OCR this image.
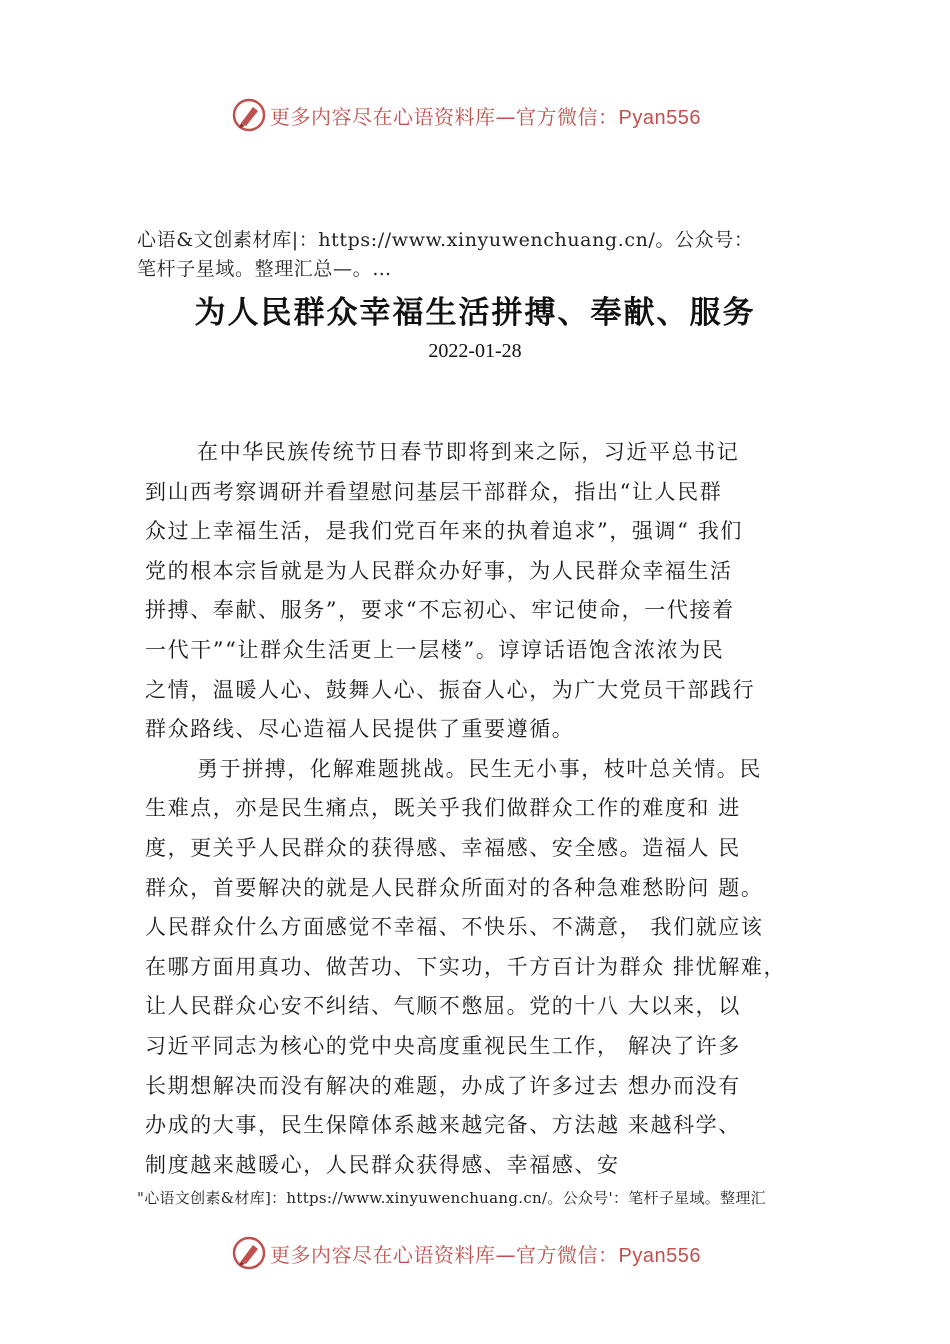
更多内容尽在心语资料库—官方微信：Pyan556
心语&文创素材库|：https://www.xinyuwenchuang.cn/。公众号：
笔杆子星域。整理汇总—。…
为人民群众幸福生活拼搏、奉献、服务
2022-01-28
在中华民族传统节日春节即将到来之际，习近平总书记
到山西考察调研并看望慰问基层干部群众，指出“让人民群
众过上幸福生活，是我们党百年来的执着追求”，强调“ 我们
党的根本宗旨就是为人民群众办好事，为人民群众幸福生活
拼搏、奉献、服务”，要求“不忘初心、牢记使命，一代接着
一代干”“让群众生活更上一层楼”。谆谆话语饱含浓浓为民
之情，温暖人心、鼓舞人心、振奋人心，为广大党员干部践行
群众路线、尽心造福人民提供了重要遵循。
勇于拼搏，化解难题挑战。民生无小事，枝叶总关情。民
生难点，亦是民生痛点，既关乎我们做群众工作的难度和 进
度，更关乎人民群众的获得感、幸福感、安全感。造福人 民
群众，首要解决的就是人民群众所面对的各种急难愁盼问 题。
人民群众什么方面感觉不幸福、不快乐、不满意， 我们就应该
在哪方面用真功、做苦功、下实功，千方百计为群众 排忧解难，
让人民群众心安不纠结、气顺不憋屈。党的十八 大以来，以
习近平同志为核心的党中央高度重视民生工作， 解决了许多
长期想解决而没有解决的难题，办成了许多过去 想办而没有
办成的大事，民生保障体系越来越完备、方法越 来越科学、
制度越来越暖心，人民群众获得感、幸福感、安
"心语文创素&材库]：https://www.xinyuwenchuang.cn/。公众号'：笔杆子星域。整理汇
更多内容尽在心语资料库—官方微信：Pyan556
